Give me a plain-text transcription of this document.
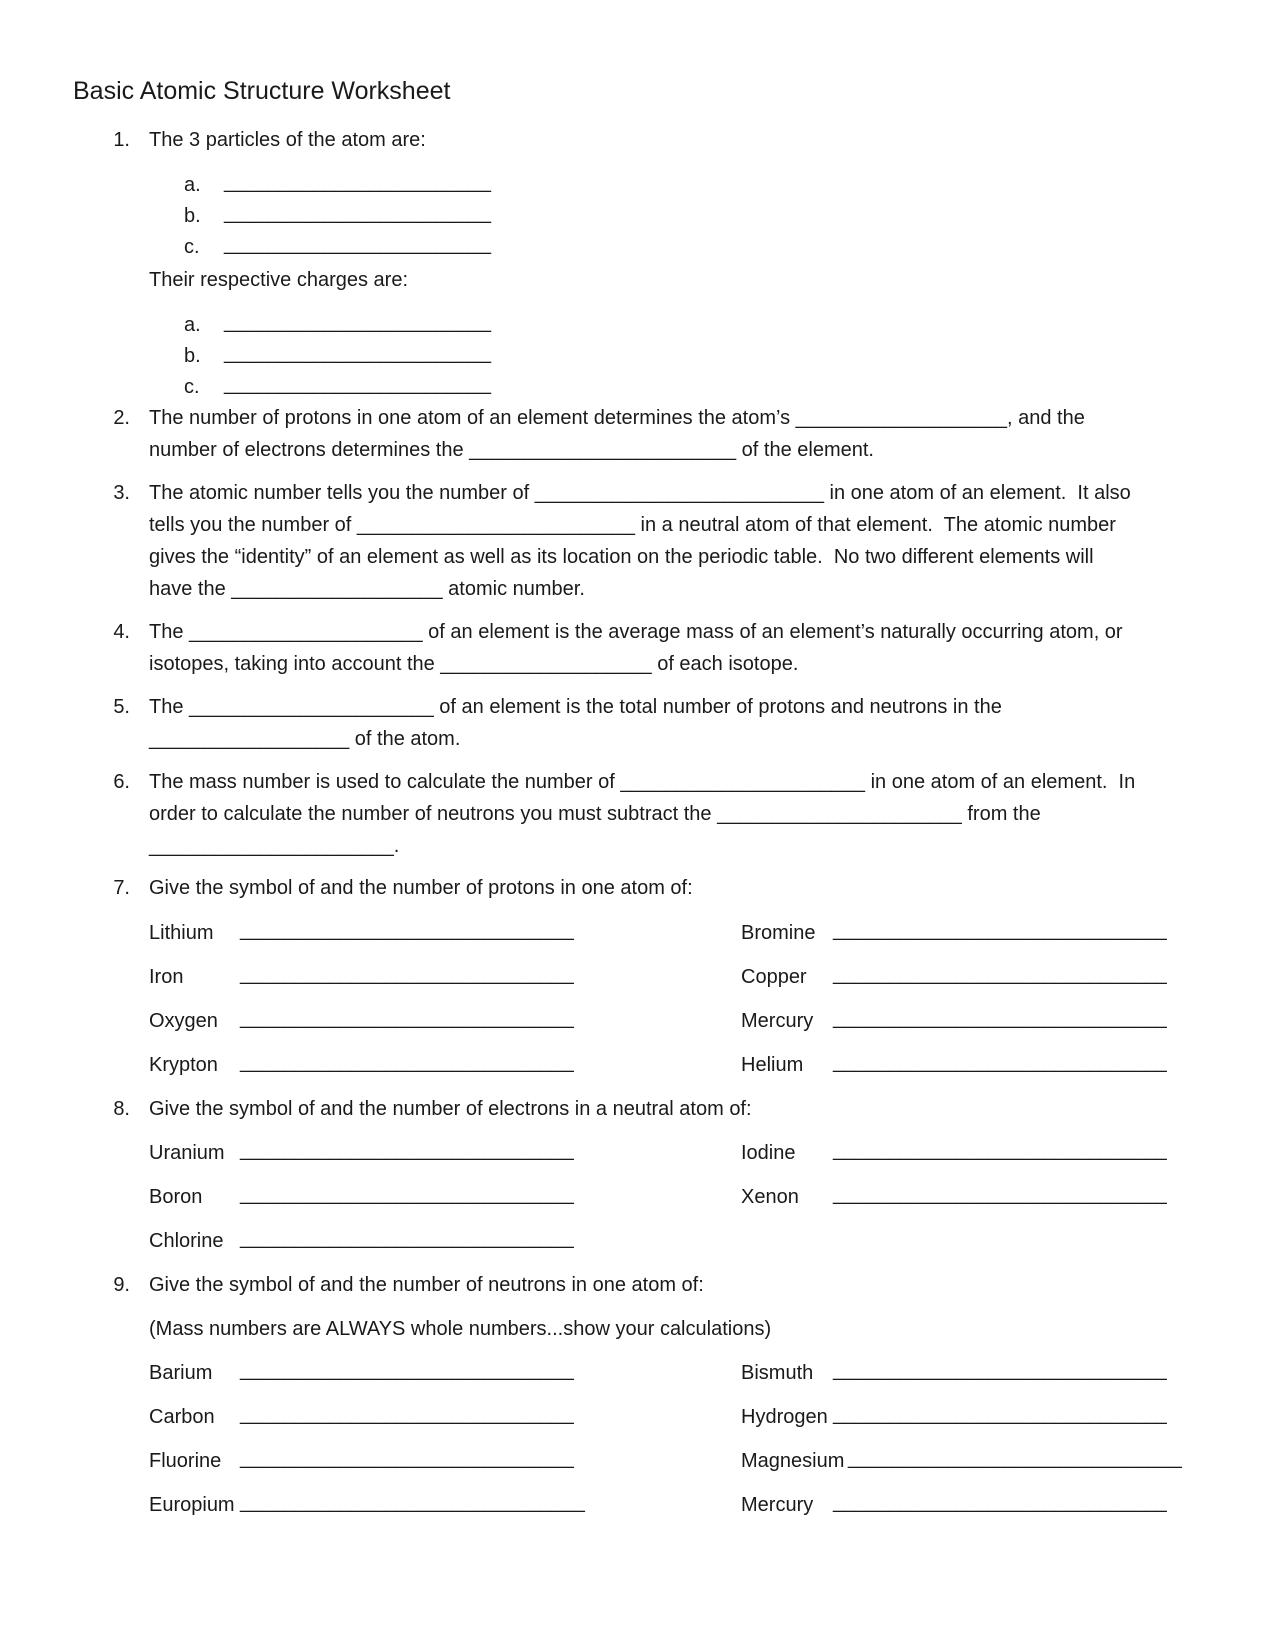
Basic Atomic Structure Worksheet
1. The 3 particles of the atom are:
a. ________________________
b. ________________________
c. ________________________
Their respective charges are:
a. ________________________
b. ________________________
c. ________________________
2. The number of protons in one atom of an element determines the atom’s ___________________, and the
number of electrons determines the ________________________ of the element.
3. The atomic number tells you the number of __________________________ in one atom of an element.  It also
tells you the number of _________________________ in a neutral atom of that element.  The atomic number
gives the “identity” of an element as well as its location on the periodic table.  No two different elements will
have the ___________________ atomic number.
4. The _____________________ of an element is the average mass of an element’s naturally occurring atom, or
isotopes, taking into account the ___________________ of each isotope.
5. The ______________________ of an element is the total number of protons and neutrons in the
__________________ of the atom.
6. The mass number is used to calculate the number of ______________________ in one atom of an element.  In
order to calculate the number of neutrons you must subtract the ______________________ from the
______________________.
7. Give the symbol of and the number of protons in one atom of:
Lithium ______________________________
Iron	______________________________
Oxygen ______________________________
Krypton ______________________________
Bromine ______________________________
Copper ______________________________
Mercury ______________________________
Helium ______________________________
8. Give the symbol of and the number of electrons in a neutral atom of:
Uranium ______________________________
Boron ______________________________
Chlorine ______________________________
Iodine ______________________________
Xenon ______________________________
9. Give the symbol of and the number of neutrons in one atom of:
(Mass numbers are ALWAYS whole numbers...show your calculations)
Barium ______________________________
Carbon ______________________________
Fluorine ______________________________
Europium _______________________________
Bismuth ______________________________
Hydrogen ______________________________
Magnesium ______________________________
Mercury ______________________________
